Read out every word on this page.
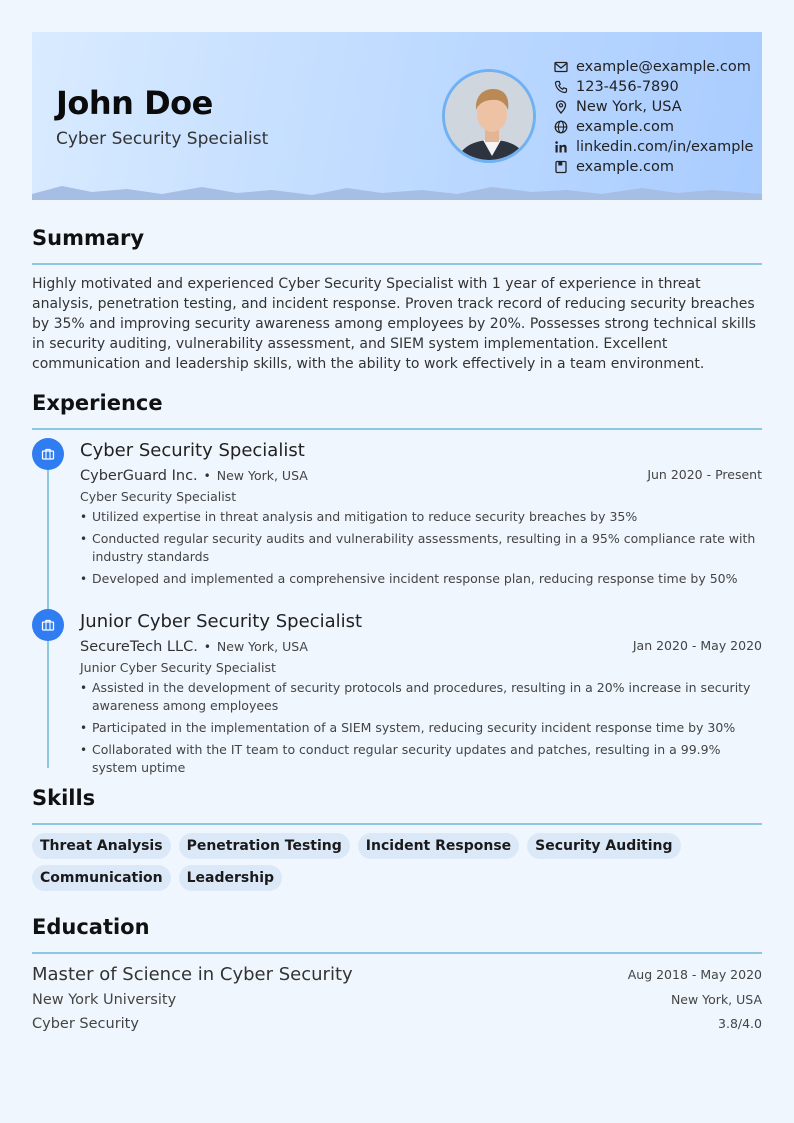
John Doe
Cyber Security Specialist
example@example.com
123-456-7890
New York, USA
example.com
linkedin.com/in/example
example.com
Summary
Highly motivated and experienced Cyber Security Specialist with 1 year of experience in threat analysis, penetration testing, and incident response. Proven track record of reducing security breaches by 35% and improving security awareness among employees by 20%. Possesses strong technical skills in security auditing, vulnerability assessment, and SIEM system implementation. Excellent communication and leadership skills, with the ability to work effectively in a team environment.
Experience
Cyber Security Specialist
CyberGuard Inc. • New York, USA	Jun 2020 - Present
Cyber Security Specialist
• Utilized expertise in threat analysis and mitigation to reduce security breaches by 35%
• Conducted regular security audits and vulnerability assessments, resulting in a 95% compliance rate with industry standards
• Developed and implemented a comprehensive incident response plan, reducing response time by 50%
Junior Cyber Security Specialist
SecureTech LLC. • New York, USA	Jan 2020 - May 2020
Junior Cyber Security Specialist
• Assisted in the development of security protocols and procedures, resulting in a 20% increase in security awareness among employees
• Participated in the implementation of a SIEM system, reducing security incident response time by 30%
• Collaborated with the IT team to conduct regular security updates and patches, resulting in a 99.9% system uptime
Skills
Threat Analysis	Penetration Testing	Incident Response	Security Auditing
Communication	Leadership
Education
Master of Science in Cyber Security	Aug 2018 - May 2020
New York University	New York, USA
Cyber Security	3.8/4.0
